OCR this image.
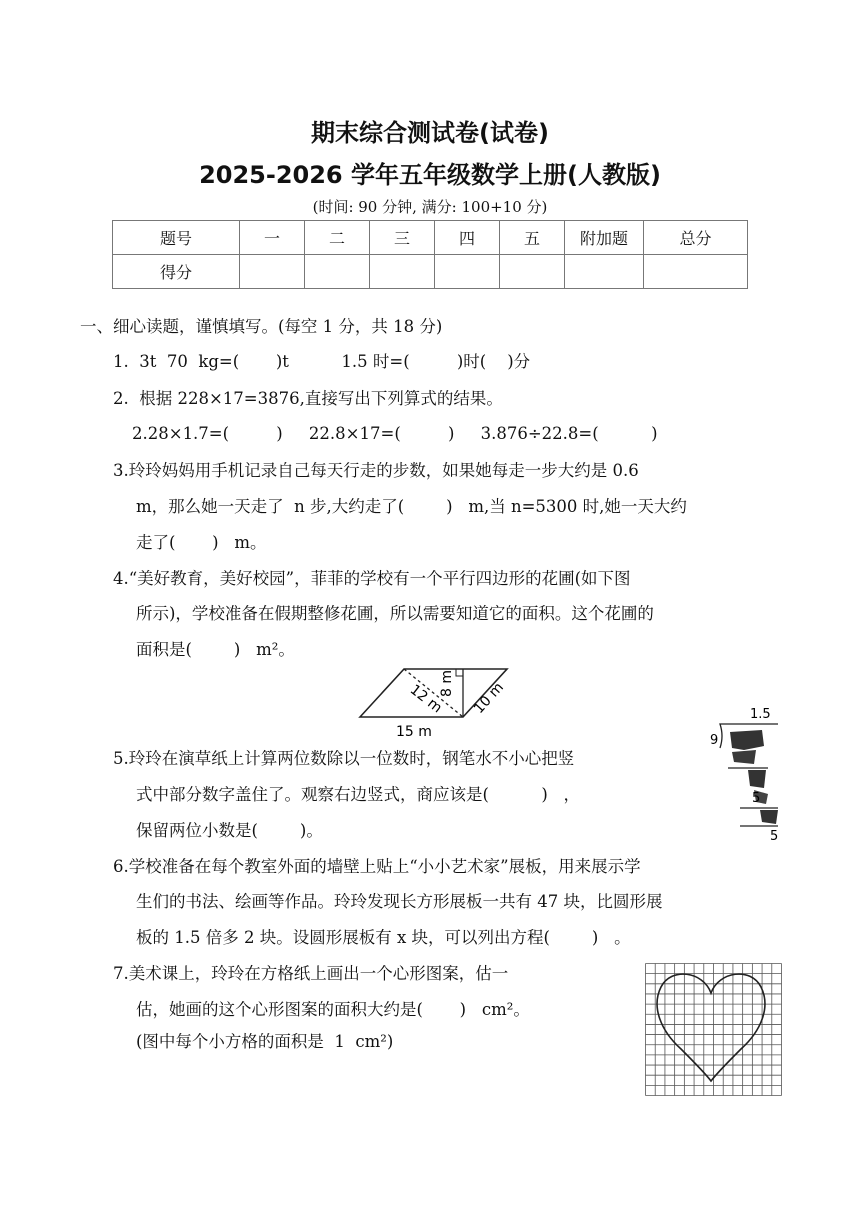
期末综合测试卷(试卷)
2025-2026 学年五年级数学上册(人教版)
(时间: 90 分钟, 满分: 100+10 分)
题号	一	二	三	四	五	附加题	总分
得分							
一、细心读题，谨慎填写。(每空 1 分，共 18 分)
1.  3t  70  kg=(       )t          1.5 时=(         )时(    )分
2.  根据 228×17=3876,直接写出下列算式的结果。
2.28×1.7=(         )     22.8×17=(         )     3.876÷22.8=(          )
3.玲玲妈妈用手机记录自己每天行走的步数，如果她每走一步大约是 0.6
m，那么她一天走了  n 步,大约走了(        )   m,当 n=5300 时,她一天大约
走了(       )   m。
4.“美好教育，美好校园”，菲菲的学校有一个平行四边形的花圃(如下图
所示)，学校准备在假期整修花圃，所以需要知道它的面积。这个花圃的
面积是(        )   m²。
12 m
8 m 10 m
15 m
5.玲玲在演草纸上计算两位数除以一位数时，钢笔水不小心把竖
式中部分数字盖住了。观察右边竖式，商应该是(          )   ，
保留两位小数是(        )。
1.5
9
5
5
6.学校准备在每个教室外面的墙壁上贴上“小小艺术家”展板，用来展示学
生们的书法、绘画等作品。玲玲发现长方形展板一共有 47 块，比圆形展
板的 1.5 倍多 2 块。设圆形展板有 x 块，可以列出方程(        )   。
7.美术课上，玲玲在方格纸上画出一个心形图案，估一
估，她画的这个心形图案的面积大约是(       )   cm²。
(图中每个小方格的面积是  1  cm²)
